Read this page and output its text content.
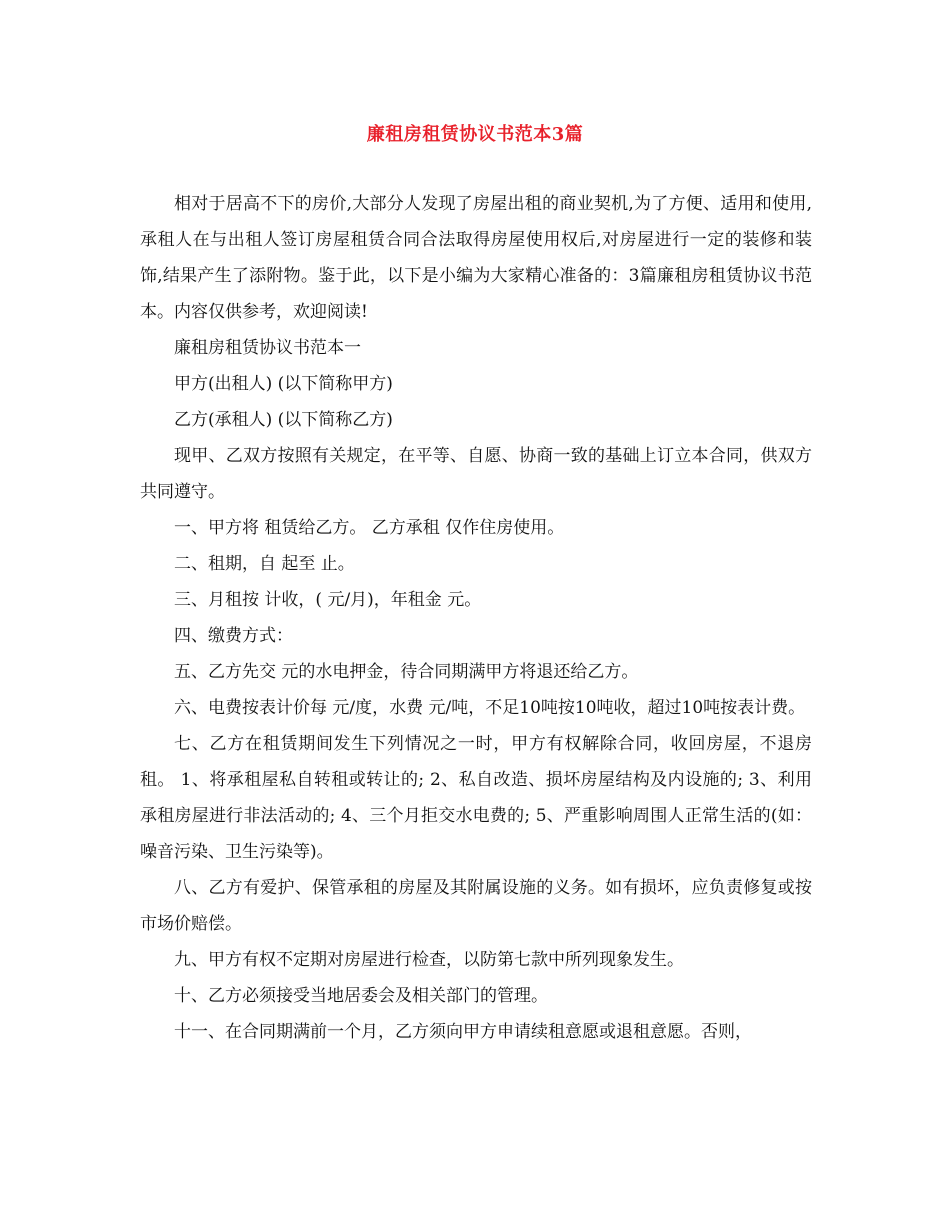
廉租房租赁协议书范本3篇

相对于居高不下的房价,大部分人发现了房屋出租的商业契机,为了方便、适用和使用,承租人在与出租人签订房屋租赁合同合法取得房屋使用权后,对房屋进行一定的装修和装饰,结果产生了添附物。鉴于此，以下是小编为大家精心准备的：3篇廉租房租赁协议书范本。内容仅供参考，欢迎阅读!

廉租房租赁协议书范本一

甲方(出租人) (以下简称甲方)

乙方(承租人) (以下简称乙方)

现甲、乙双方按照有关规定，在平等、自愿、协商一致的基础上订立本合同，供双方共同遵守。

一、甲方将 租赁给乙方。 乙方承租 仅作住房使用。

二、租期，自 起至 止。

三、月租按 计收，( 元/月)，年租金 元。

四、缴费方式：

五、乙方先交 元的水电押金，待合同期满甲方将退还给乙方。

六、电费按表计价每 元/度，水费 元/吨，不足10吨按10吨收，超过10吨按表计费。

七、乙方在租赁期间发生下列情况之一时，甲方有权解除合同，收回房屋，不退房租。 1、将承租屋私自转租或转让的; 2、私自改造、损坏房屋结构及内设施的; 3、利用承租房屋进行非法活动的; 4、三个月拒交水电费的; 5、严重影响周围人正常生活的(如：噪音污染、卫生污染等)。

八、乙方有爱护、保管承租的房屋及其附属设施的义务。如有损坏，应负责修复或按市场价赔偿。

九、甲方有权不定期对房屋进行检查，以防第七款中所列现象发生。

十、乙方必须接受当地居委会及相关部门的管理。

十一、在合同期满前一个月，乙方须向甲方申请续租意愿或退租意愿。否则，
